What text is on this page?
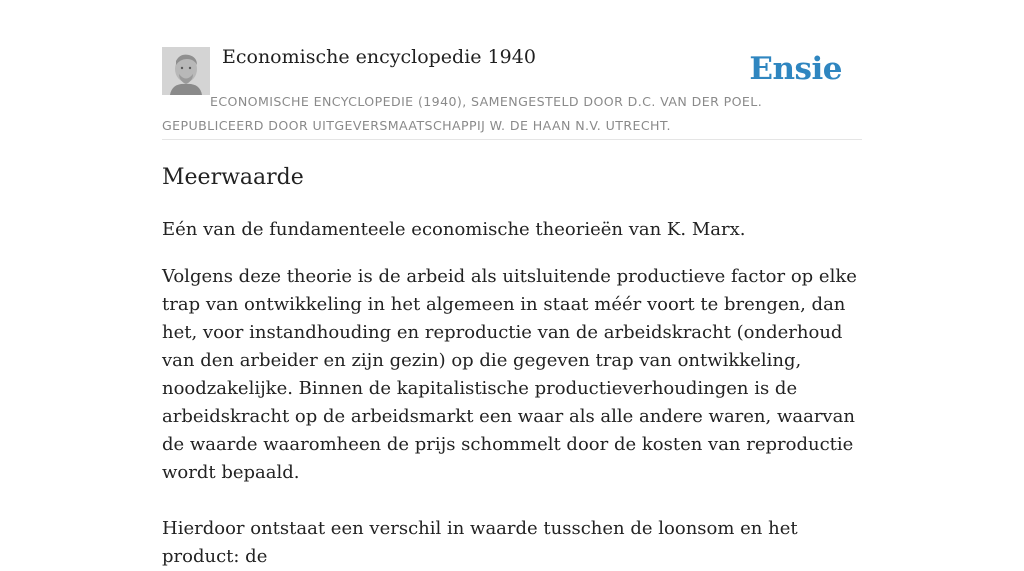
Economische encyclopedie 1940	Ensie
ECONOMISCHE ENCYCLOPEDIE (1940), SAMENGESTELD DOOR D.C. VAN DER POEL. GEPUBLICEERD DOOR UITGEVERSMAATSCHAPPIJ W. DE HAAN N.V. UTRECHT.
Meerwaarde

Eén van de fundamenteele economische theorieën van K. Marx.

Volgens deze theorie is de arbeid als uitsluitende productieve factor op elke trap van ontwikkeling in het algemeen in staat méér voort te brengen, dan het, voor instandhouding en reproductie van de arbeidskracht (onderhoud van den arbeider en zijn gezin) op die gegeven trap van ontwikkeling, noodzakelijke. Binnen de kapitalistische productieverhoudingen is de arbeidskracht op de arbeidsmarkt een waar als alle andere waren, waarvan de waarde waaromheen de prijs schommelt door de kosten van reproductie wordt bepaald.

Hierdoor ontstaat een verschil in waarde tusschen de loonsom en het product: de
